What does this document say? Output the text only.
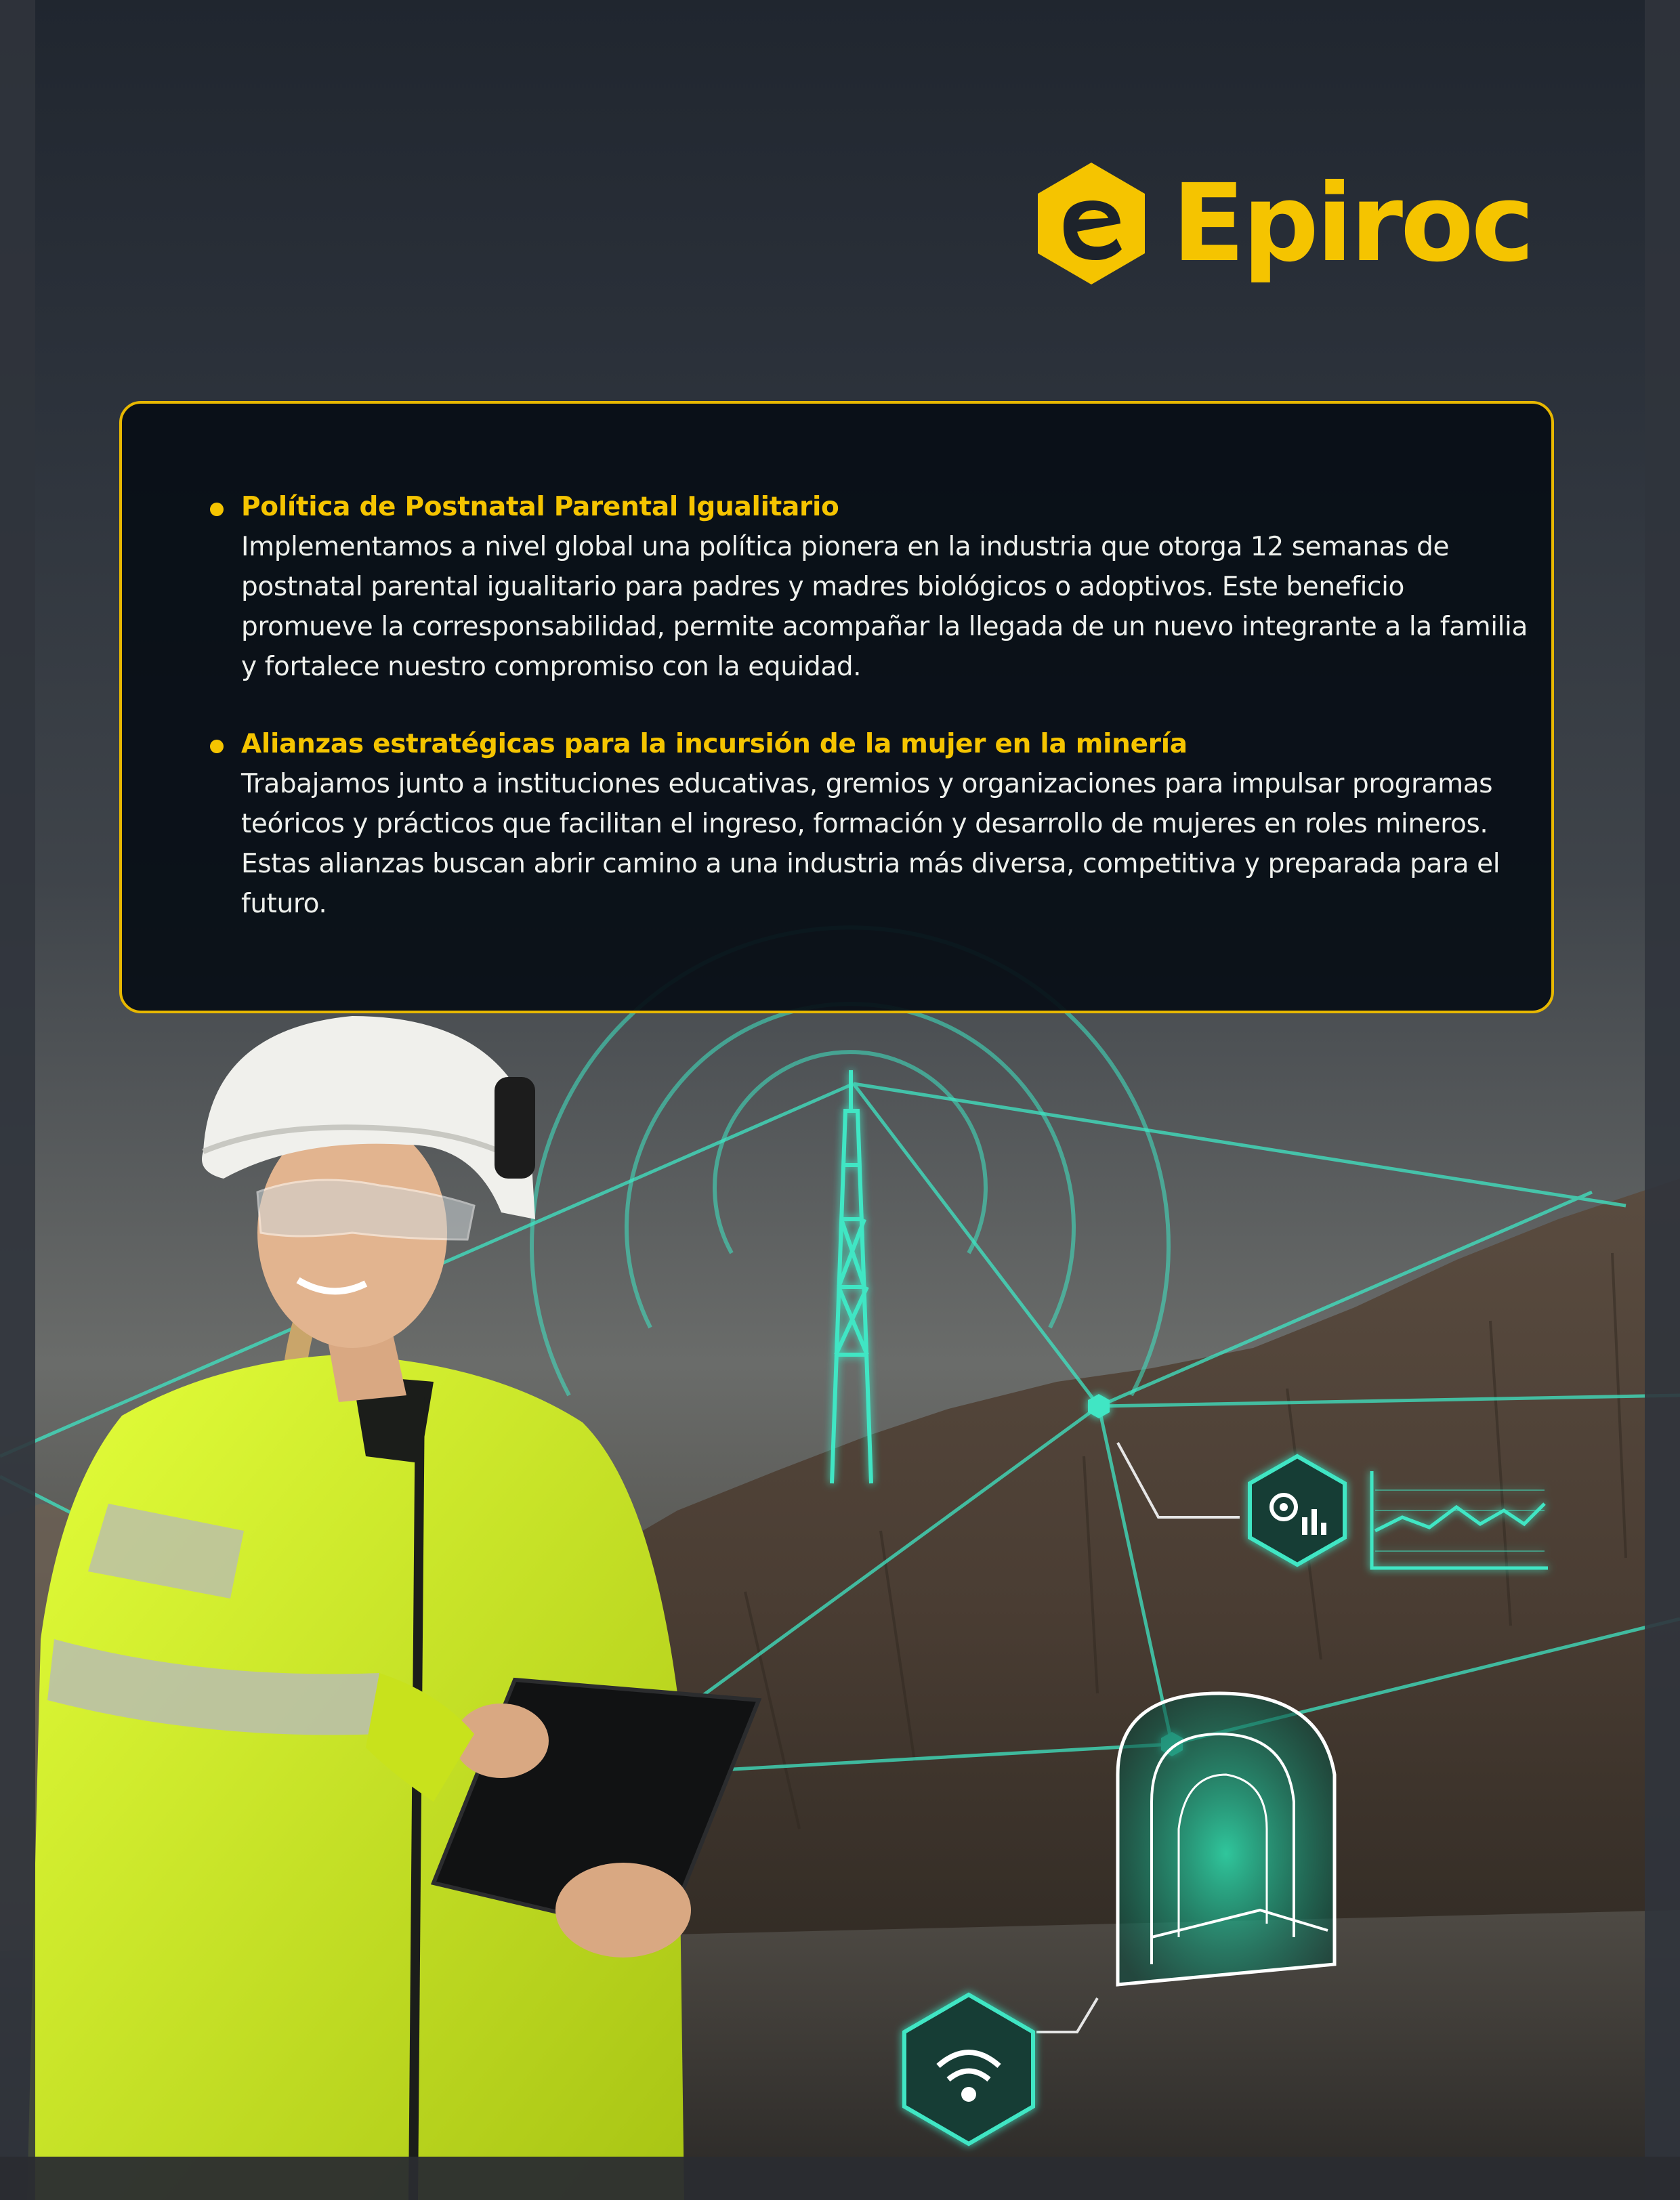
Epiroc
Política de Postnatal Parental Igualitario
Implementamos a nivel global una política pionera en la industria que otorga 12 semanas de postnatal parental igualitario para padres y madres biológicos o adoptivos. Este beneficio promueve la corresponsabilidad, permite acompañar la llegada de un nuevo integrante a la familia y fortalece nuestro compromiso con la equidad.
Alianzas estratégicas para la incursión de la mujer en la minería
Trabajamos junto a instituciones educativas, gremios y organizaciones para impulsar programas teóricos y prácticos que facilitan el ingreso, formación y desarrollo de mujeres en roles mineros. Estas alianzas buscan abrir camino a una industria más diversa, competitiva y preparada para el futuro.
